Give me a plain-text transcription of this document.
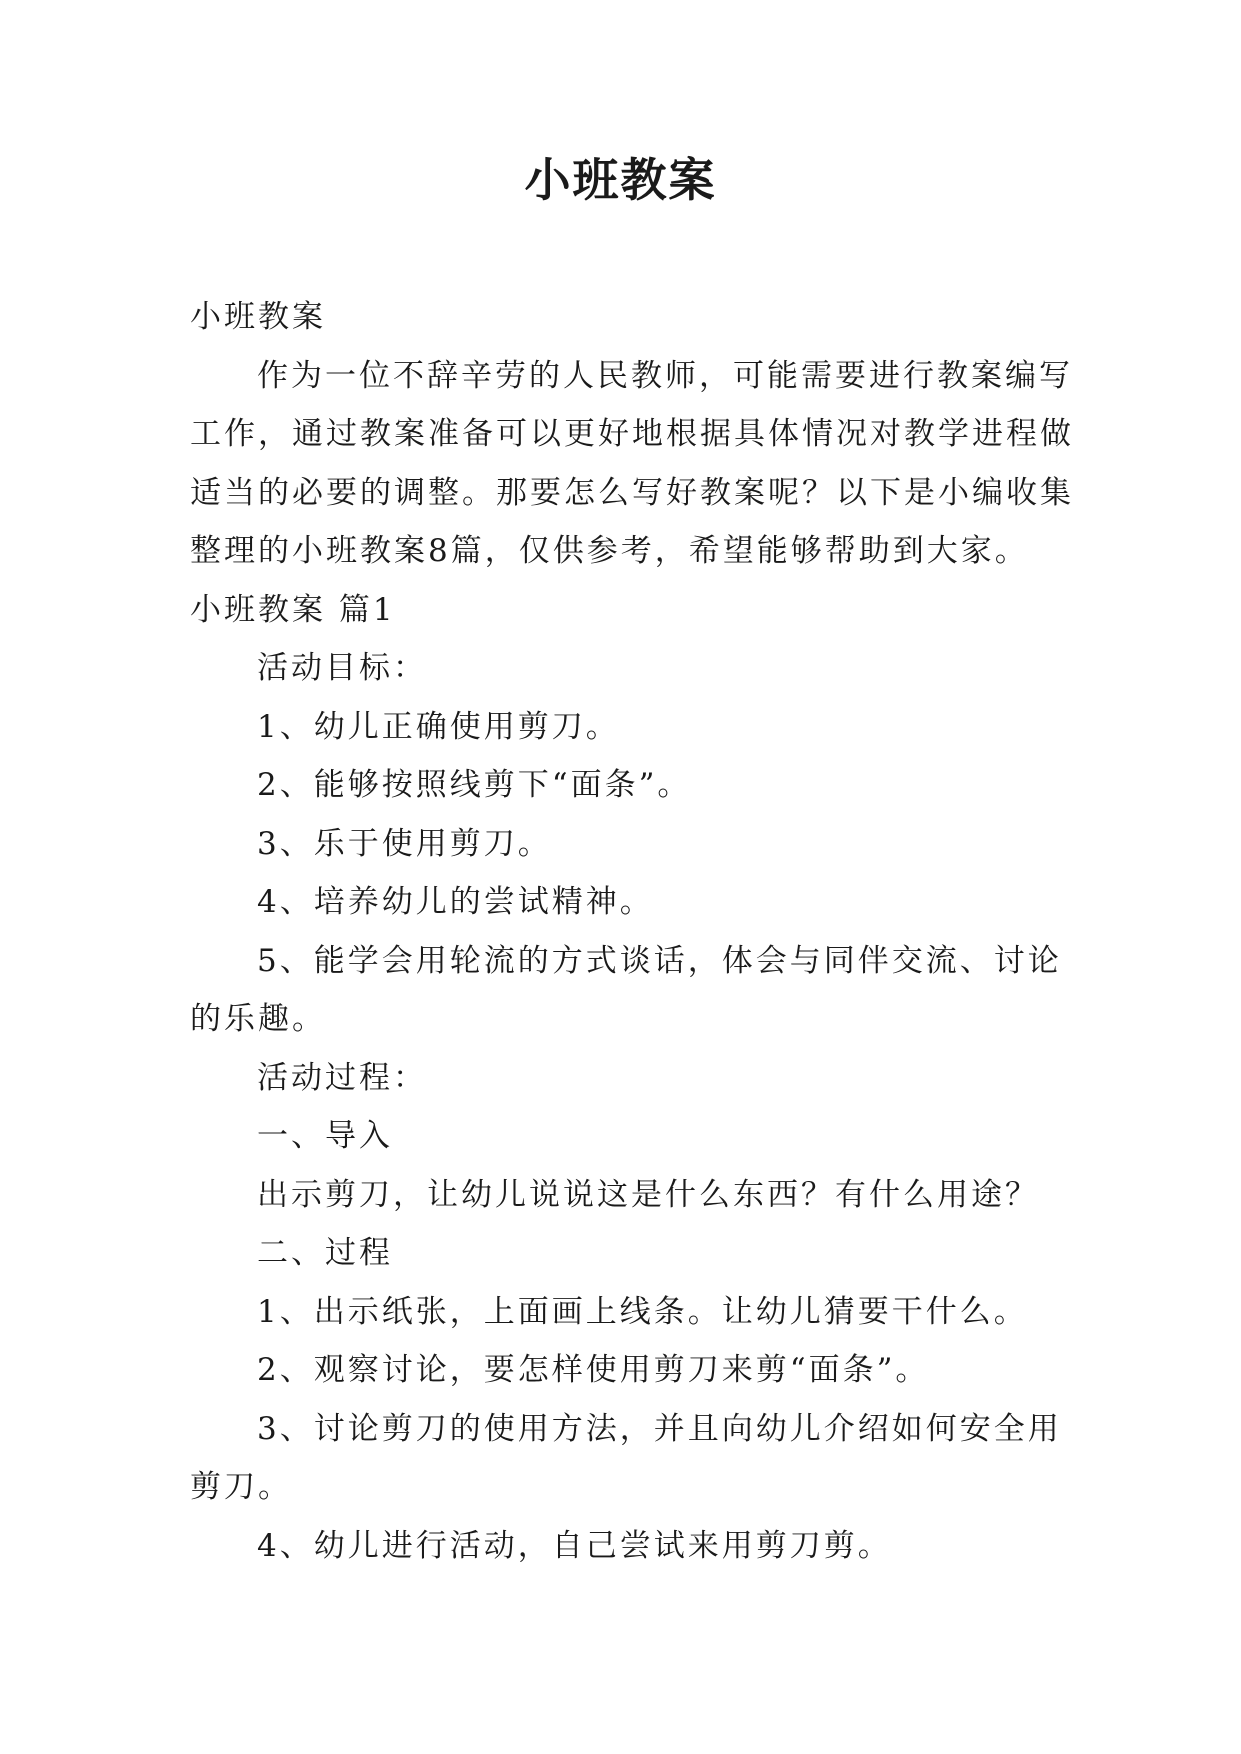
小班教案

小班教案

作为一位不辞辛劳的人民教师，可能需要进行教案编写

工作，通过教案准备可以更好地根据具体情况对教学进程做

适当的必要的调整。那要怎么写好教案呢？以下是小编收集

整理的小班教案8篇，仅供参考，希望能够帮助到大家。

小班教案 篇1

活动目标：

1、幼儿正确使用剪刀。

2、能够按照线剪下“面条”。

3、乐于使用剪刀。

4、培养幼儿的尝试精神。

5、能学会用轮流的方式谈话，体会与同伴交流、讨论

的乐趣。

活动过程：

一、导入

出示剪刀，让幼儿说说这是什么东西？有什么用途？

二、过程

1、出示纸张，上面画上线条。让幼儿猜要干什么。

2、观察讨论，要怎样使用剪刀来剪“面条”。

3、讨论剪刀的使用方法，并且向幼儿介绍如何安全用

剪刀。

4、幼儿进行活动，自己尝试来用剪刀剪。
